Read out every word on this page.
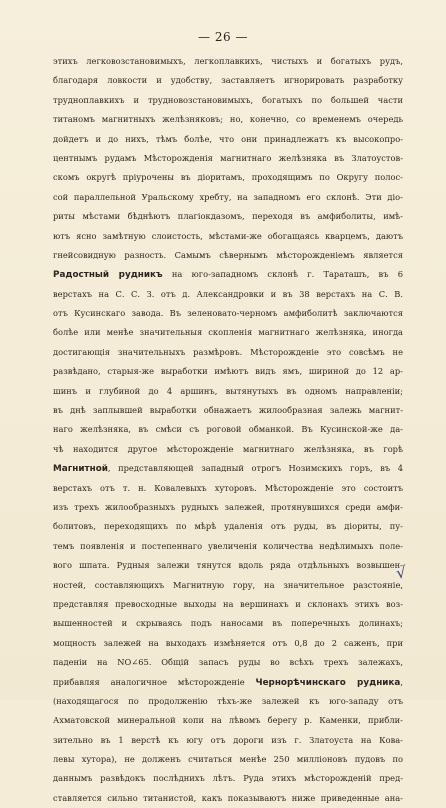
— 26 —
этихъ легковозстановимыхъ, легкоплавкихъ, чистыхъ и богатыхъ рудъ,
благодаря ловкости и удобству, заставляетъ игнорировать разработку
трудноплавкихъ и трудновозстановимыхъ, богатыхъ по большей части
титаномъ магнитныхъ желѣзняковъ; но, конечно, со временемъ очередь
дойдетъ и до нихъ, тѣмъ болѣе, что они принадлежатъ къ высокопро-
центнымъ рудамъ Мѣсторожденія магнитнаго желѣзняка въ Златоустов-
скомъ округѣ пріурочены въ діоритамъ, проходящимъ по Округу полос-
сой параллельной Уральскому хребту, на западномъ его склонѣ. Эти діо-
риты мѣстами бѣднѣютъ плагіокдазомъ, переходя въ амфиболиты, имѣ-
ютъ ясно замѣтную слоистость, мѣстами-же обогащаясь кварцемъ, даютъ
гнейсовидную разность. Самымъ сѣвернымъ мѣсторожденіемъ является
Радостный рудникъ на юго-западномъ склонѣ г. Тараташъ, въ 6
верстахъ на С. С. З. отъ д. Александровки и въ 38 верстахъ на С. В.
отъ Кусинскаго завода. Въ зеленовато-черномъ амфиболитѣ заключаются
болѣе или менѣе значительныя скопленія магнитнаго желѣзняка, иногда
достигающія значительныхъ размѣровъ. Мѣсторожденіе это совсѣмъ не
развѣдано, старыя-же выработки имѣютъ видъ ямъ, шириной до 12 ар-
шинъ и глубиной до 4 аршинъ, вытянутыхъ въ одномъ направленіи;
въ днѣ заплывшей выработки обнажаетъ жилообразная залежь магнит-
наго желѣзняка, въ смѣси съ роговой обманкой. Въ Кусинской-же да-
чѣ находится другое мѣсторожденіе магнитнаго желѣзняка, въ горѣ
Магнитной, представляющей западный отрогъ Нозимскихъ горъ, въ 4
верстахъ отъ т. н. Ковалевыхъ хуторовъ. Мѣсторожденіе это состоитъ
изъ трехъ жилообразныхъ рудныхъ залежей, протянувшихся среди амфи-
болитовъ, переходящихъ по мѣрѣ удаленія отъ руды, въ діориты, пу-
темъ появленія и постепеннаго увеличенія количества недѣлимыхъ поле-
вого шпата. Рудныя залежи тянутся вдоль ряда отдѣльныхъ возвышен-
ностей, составляющихъ Магнитную гору, на значительное разстояніе,
представляя превосходные выходы на вершинахъ и склонахъ этихъ воз-
вышенностей и скрываясь подъ наносами въ поперечныхъ долинахъ;
мощность залежей на выходахъ измѣняется отъ 0,8 до 2 саженъ, при
паденіи на NO∠65. Общій запасъ руды во всѣхъ трехъ залежахъ,
прибавляя аналогичное мѣсторожденіе Чернорѣчинскаго рудника,
(находящагося по продолженію тѣхъ-же залежей къ юго-западу отъ
Ахматовской минеральной копи на лѣвомъ берегу р. Каменки, прибли-
зительно въ 1 верстѣ къ югу отъ дороги изъ г. Златоуста на Кова-
левы хутора), не долженъ считаться менѣе 250 милліоновъ пудовъ по
даннымъ развѣдокъ послѣднихъ лѣтъ. Руда этихъ мѣсторожденій пред-
ставляется сильно титанистой, какъ показываютъ ниже приведенные ана-
√
